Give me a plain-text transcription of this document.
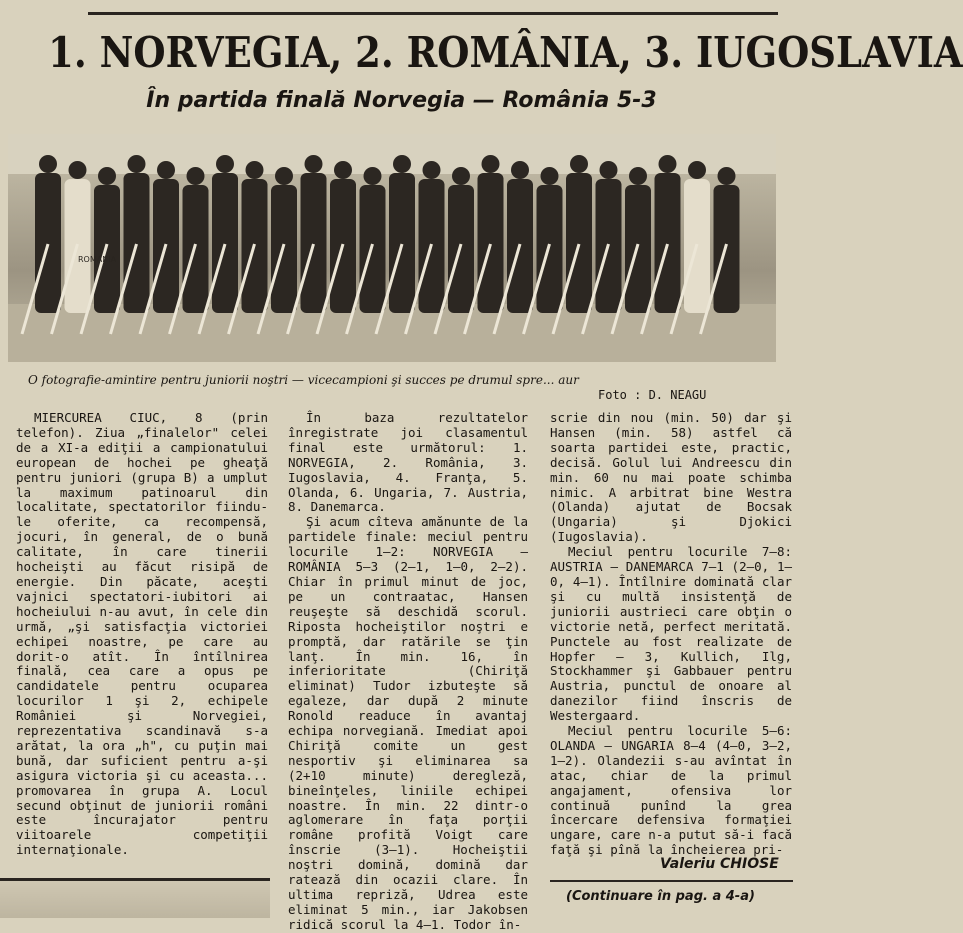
1. NORVEGIA, 2. ROMÂNIA, 3. IUGOSLAVIA
În partida finală Norvegia — România 5-3
ROMANIA
O fotografie-amintire pentru juniorii noştri — vicecampioni şi succes pe drumul spre... aur
Foto : D. NEAGU

MIERCUREA CIUC, 8 (prin telefon). Ziua „finalelor" celei de a XI-a ediţii a campionatului european de hochei pe gheaţă pentru juniori (grupa B) a umplut la maximum patinoarul din localitate, spectatorilor fiindu-le oferite, ca recompensă, jocuri, în general, de o bună calitate, în care tinerii hocheişti au făcut risipă de energie. Din păcate, aceşti vajnici spectatori-iubitori ai hocheiului n-au avut, în cele din urmă, „şi satisfacţia victoriei echipei noastre, pe care au dorit-o atît. În întîlnirea finală, cea care a opus pe candidatele pentru ocuparea locurilor 1 şi 2, echipele României şi Norvegiei, reprezentativa scandinavă s-a arătat, la ora „h", cu puţin mai bună, dar suficient pentru a-şi asigura victoria şi cu aceasta... promovarea în grupa A. Locul secund obţinut de juniorii români este încurajator pentru viitoarele competiţii internaţionale.

În baza rezultatelor înregistrate joi clasamentul final este următorul: 1. NORVEGIA, 2. România, 3. Iugoslavia, 4. Franţa, 5. Olanda, 6. Ungaria, 7. Austria, 8. Danemarca.

Şi acum cîteva amănunte de la partidele finale: meciul pentru locurile 1—2: NORVEGIA — ROMÂNIA 5—3 (2—1, 1—0, 2—2). Chiar în primul minut de joc, pe un contraatac, Hansen reuşeşte să deschidă scorul. Riposta hocheiştilor noştri e promptă, dar ratările se ţin lanţ. În min. 16, în inferioritate (Chiriţă eliminat) Tudor izbuteşte să egaleze, dar după 2 minute Ronold readuce în avantaj echipa norvegiană. Imediat apoi Chiriţă comite un gest nesportiv şi eliminarea sa (2+10 minute) deregleză, bineînţeles, liniile echipei noastre. În min. 22 dintr-o aglomerare în faţa porţii române profită Voigt care înscrie (3—1). Hocheiştii noştri domină, domină dar ratează din ocazii clare. În ultima repriză, Udrea este eliminat 5 min., iar Jakobsen ridică scorul la 4—1. Todor în-

scrie din nou (min. 50) dar şi Hansen (min. 58) astfel că soarta partidei este, practic, decisă. Golul lui Andreescu din min. 60 nu mai poate schimba nimic. A arbitrat bine Westra (Olanda) ajutat de Bocsak (Ungaria) şi Djokici (Iugoslavia).

Meciul pentru locurile 7—8: AUSTRIA — DANEMARCA 7—1 (2—0, 1—0, 4—1). Întîlnire dominată clar şi cu multă insistenţă de juniorii austrieci care obţin o victorie netă, perfect meritată. Punctele au fost realizate de Hopfer — 3, Kullich, Ilg, Stockhammer şi Gabbauer pentru Austria, punctul de onoare al danezilor fiind înscris de Westergaard.

Meciul pentru locurile 5—6: OLANDA — UNGARIA 8—4 (4—0, 3—2, 1—2). Olandezii s-au avîntat în atac, chiar de la primul angajament, ofensiva lor continuă punînd la grea încercare defensiva formaţiei ungare, care n-a putut să-i facă faţă şi pînă la încheierea pri-

Valeriu CHIOSE
(Continuare în pag. a 4-a)
